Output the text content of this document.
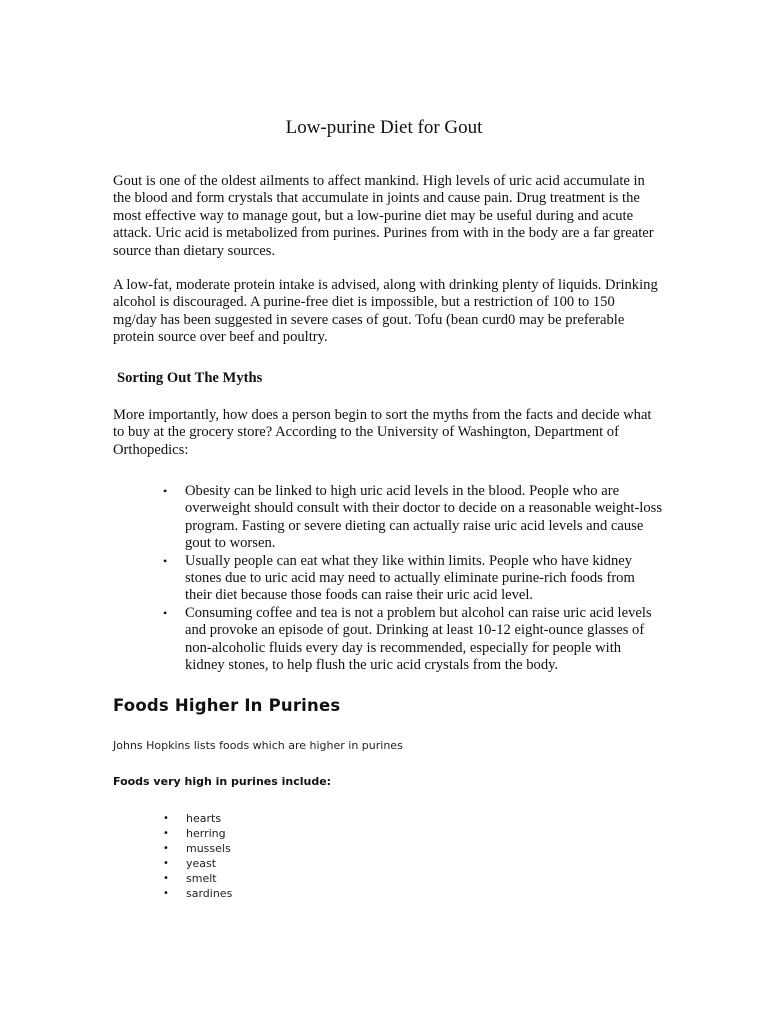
Low-purine Diet for Gout

Gout is one of the oldest ailments to affect mankind. High levels of uric acid accumulate in the blood and form crystals that accumulate in joints and cause pain. Drug treatment is the most effective way to manage gout, but a low-purine diet may be useful during and acute attack. Uric acid is metabolized from purines. Purines from with in the body are a far greater source than dietary sources.

A low-fat, moderate protein intake is advised, along with drinking plenty of liquids. Drinking alcohol is discouraged. A purine-free diet is impossible, but a restriction of 100 to 150 mg/day has been suggested in severe cases of gout. Tofu (bean curd0 may be preferable protein source over beef and poultry.

Sorting Out The Myths

More importantly, how does a person begin to sort the myths from the facts and decide what to buy at the grocery store? According to the University of Washington, Department of Orthopedics:

• Obesity can be linked to high uric acid levels in the blood. People who are overweight should consult with their doctor to decide on a reasonable weight-loss program. Fasting or severe dieting can actually raise uric acid levels and cause gout to worsen.
• Usually people can eat what they like within limits. People who have kidney stones due to uric acid may need to actually eliminate purine-rich foods from their diet because those foods can raise their uric acid level.
• Consuming coffee and tea is not a problem but alcohol can raise uric acid levels and provoke an episode of gout. Drinking at least 10-12 eight-ounce glasses of non-alcoholic fluids every day is recommended, especially for people with kidney stones, to help flush the uric acid crystals from the body.
Foods Higher In Purines

Johns Hopkins lists foods which are higher in purines

Foods very high in purines include:

• hearts
• herring
• mussels
• yeast
• smelt
• sardines
